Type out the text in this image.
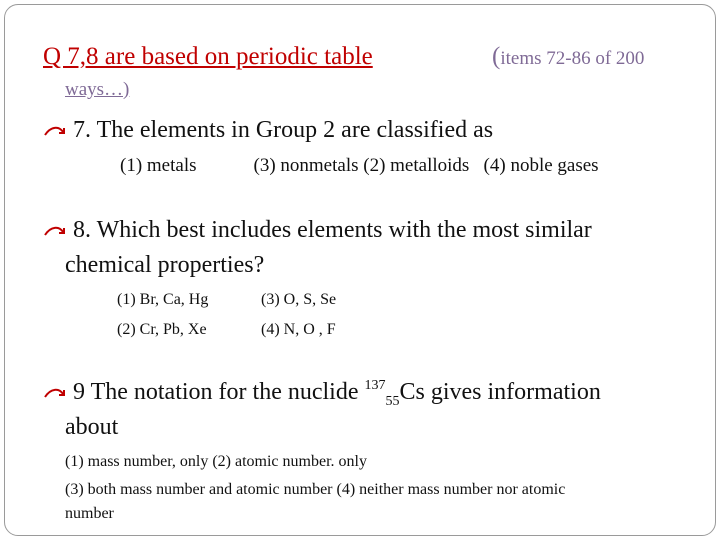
Q 7,8 are based on periodic table	(items 72-86 of 200
ways…)
7. The elements in Group 2 are classified as
(1) metals            (3) nonmetals (2) metalloids   (4) noble gases
8. Which best includes elements with the most similar
chemical properties?
(1) Br, Ca, Hg	(3) O, S, Se
(2) Cr, Pb, Xe	(4) N, O , F
9 The notation for the nuclide $^{137}_{55}$Cs gives information
about
(1) mass number, only (2) atomic number. only
(3) both mass number and atomic number (4) neither mass number nor atomic
number
